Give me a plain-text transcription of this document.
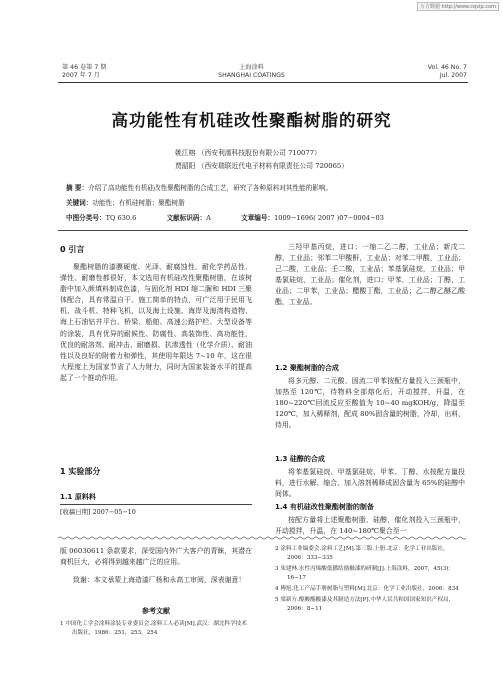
万方数据 http://www.cqvip.com
第 46 卷第 7 期
2007 年 7 月
上海涂料
SHANGHAI COATINGS
Vol. 46 No. 7
Jul. 2007
高功能性有机硅改性聚酯树脂的研究
姚江榕 （西安利濡科技股份有限公司 710077）
贾韶阳 （西安瑞联近代电子材料有限责任公司 720065）
摘 要：介绍了高功能性有机硅改性聚酯树脂的合成工艺，研究了各种原料对其性能的影响。
关键词：功能性；有机硅树脂；聚酯树脂
中图分类号：TQ 630.6	文献标识码：A	文章编号：1009−1696( 2007 )07−0004−03
0 引言

聚酯树脂的漆膜硬度、光泽、耐腐蚀性、耐化学药品性、弹性、耐磨性都很好，本文选用有机硅改性聚酯树脂，在该树脂中加入颜填料制成色漆，与固化剂 HDI 缩二脲和 HDI 三聚体配合，具有常温自干、施工简单的特点，可广泛用于民用飞机、战斗机、特种飞机，以及海上设施、海岸及海湾构造物、海上石油钻井平台、桥梁、船舶、高速公路护栏、大型设备等的涂装，具有优异的耐候性、防腐性、高装饰性、高功能性，优良的耐溶剂、耐冲击、耐磨损、抗渗透性（化学介质）、耐油性以及良好的附着力和弹性，其使用年限达 7~10 年，这在很大程度上为国家节省了人力财力，同时为国家装备水平的提高起了一个推动作用。

1 实验部分
1.1 原料料
[收稿日期] 2007−05−10

三羟甲基丙烷，进口；一缩二乙二醇，工业品；新戊二醇，工业品；邻苯二甲酸酐，工业品；对苯二甲酸，工业品；己二酸，工业品；壬二酸，工业品；苯基氯硅烷，工业品；甲基氯硅烷，工业品；催化剂，进口；甲苯，工业品；丁醇，工业品；二甲苯，工业品；醋酸丁酯，工业品；乙二醇乙醚乙酸酯，工业品。

1.2 聚酯树脂的合成

将多元醇、二元酸、固流二甲苯按配方量投入三颈瓶中，加热至 120℃，待物料全部熔化后，开动搅拌，升温，在 180~220℃回流反应至酸值为 10~40 mgKOH/g，降温至 120℃，加入稀释剂，配成 80%固含量的树脂，冷却，出料，待用。

1.3 硅醇的合成

将苯基氯硅烷、甲基氯硅烷、甲苯、丁醇、水按配方量投料，进行水解、缩合、加入溶剂稀释成固含量为 65%的硅醇中间体。

1.4 有机硅改性聚酯树脂的制备

按配方量将上述聚酯树脂、硅醇，催化剂投入三颈瓶中，开动搅拌，升温，在 140~180℃聚合至一

版 06030611 条款要求，深受国内外广大客户的青睐，其潜在商机巨大，必将得到越来越广泛的应用。

致谢：本文承蒙上海造漆厂杨和永高工审阅，深表谢意！

参考文献
1 中国化工学会涂料涂装专业委员会.涂料工人必读[M].武汉：湖北科学技术出版社，1986：251，253，254
2 涂料工业编委会.涂料工艺[M].第三版.上册.北京：化学工业出版社，2006：333−335
3 朱建林.水性丙烯酸低播结励触漆的研制[J].上海涂料，2007，45(3)：16−17
4 傅旭.化工产品手册树脂与塑料[M].北京：化学工业出版社，2006：834
5 梁新方.醇酸酯酸漆及其制造方法[P].中华人民共和国国家知识产权局，2006：8−11
